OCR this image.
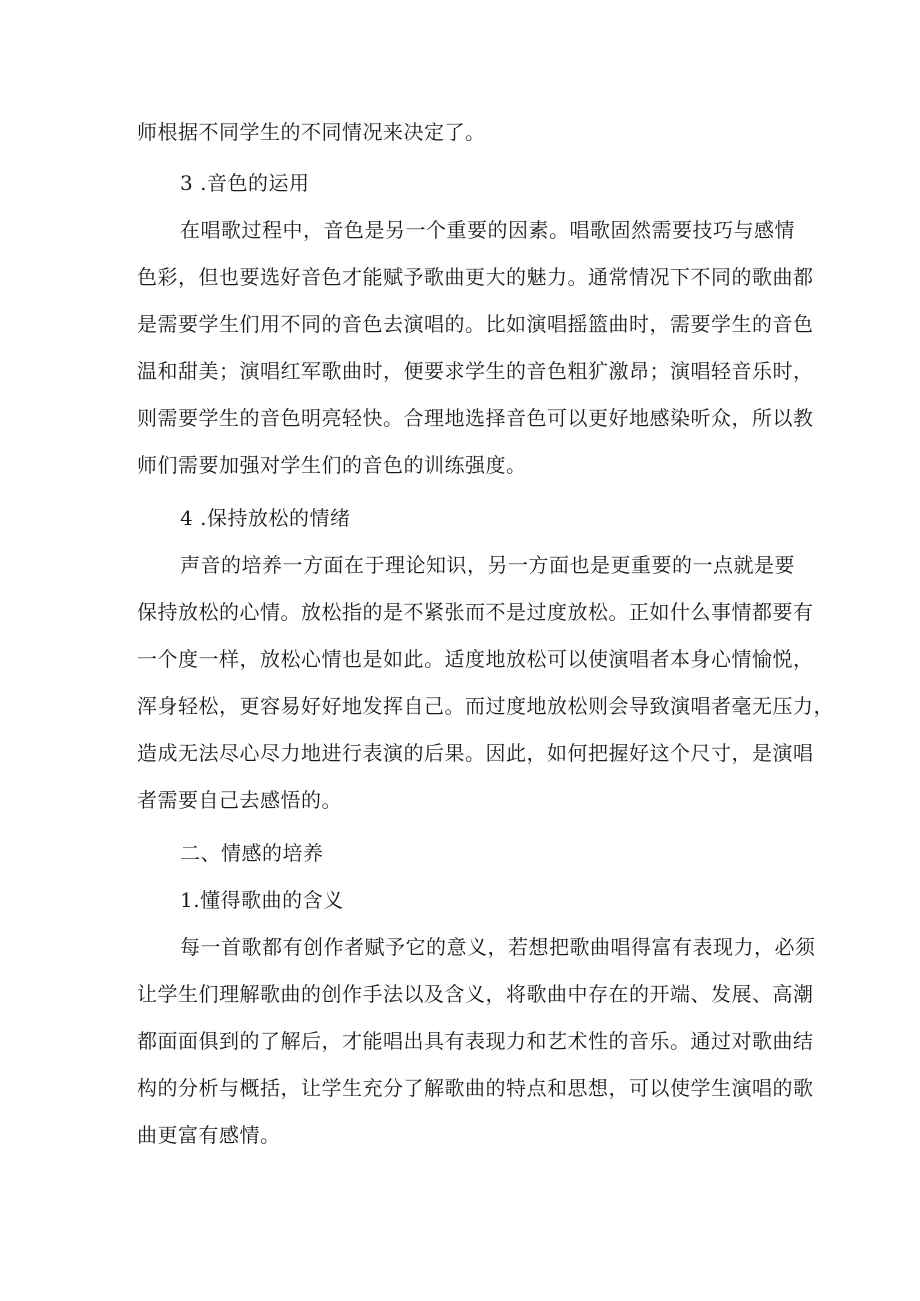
师根据不同学生的不同情况来决定了。
3 .音色的运用
在唱歌过程中，音色是另一个重要的因素。唱歌固然需要技巧与感情
色彩，但也要选好音色才能赋予歌曲更大的魅力。通常情况下不同的歌曲都
是需要学生们用不同的音色去演唱的。比如演唱摇篮曲时，需要学生的音色
温和甜美；演唱红军歌曲时，便要求学生的音色粗犷激昂；演唱轻音乐时，
则需要学生的音色明亮轻快。合理地选择音色可以更好地感染听众，所以教
师们需要加强对学生们的音色的训练强度。
4 .保持放松的情绪
声音的培养一方面在于理论知识，另一方面也是更重要的一点就是要
保持放松的心情。放松指的是不紧张而不是过度放松。正如什么事情都要有
一个度一样，放松心情也是如此。适度地放松可以使演唱者本身心情愉悦，
浑身轻松，更容易好好地发挥自己。而过度地放松则会导致演唱者毫无压力，
造成无法尽心尽力地进行表演的后果。因此，如何把握好这个尺寸，是演唱
者需要自己去感悟的。
二、情感的培养
1.懂得歌曲的含义
每一首歌都有创作者赋予它的意义，若想把歌曲唱得富有表现力，必须
让学生们理解歌曲的创作手法以及含义，将歌曲中存在的开端、发展、高潮
都面面俱到的了解后，才能唱出具有表现力和艺术性的音乐。通过对歌曲结
构的分析与概括，让学生充分了解歌曲的特点和思想，可以使学生演唱的歌
曲更富有感情。
